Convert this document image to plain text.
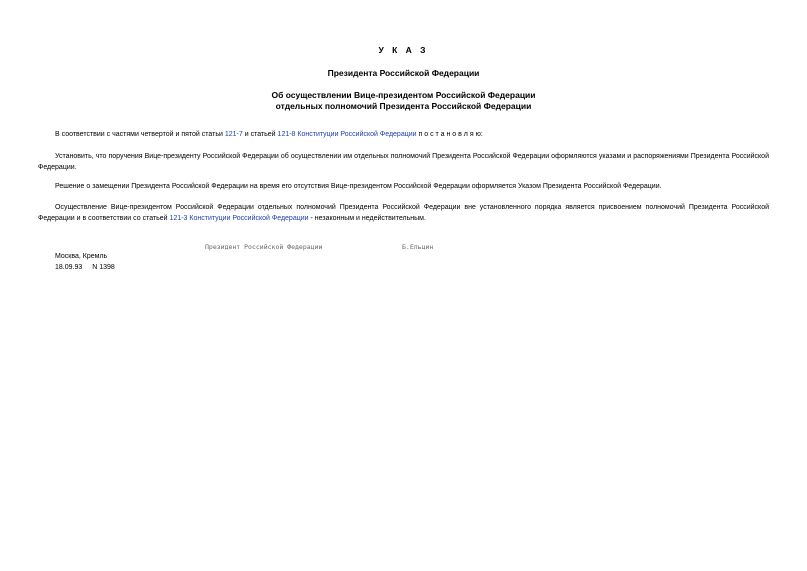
У К А З
Президента Российской Федерации
Об осуществлении Вице-президентом Российской Федерации
отдельных полномочий Президента Российской Федерации
В соответствии с частями четвертой и пятой статьи 121-7 и статьей 121-8 Конституции Российской Федерации п о с т а н о в л я ю:
Установить, что поручения Вице-президенту Российской Федерации об осуществлении им отдельных полномочий Президента Российской Федерации оформляются указами и распоряжениями Президента Российской Федерации.
Решение о замещении Президента Российской Федерации на время его отсутствия Вице-президентом Российской Федерации оформляется Указом Президента Российской Федерации.
Осуществление Вице-президентом Российской Федерации отдельных полномочий Президента Российской Федерации вне установленного порядка является присвоением полномочий Президента Российской Федерации и в соответствии со статьей 121-3 Конституции Российской Федерации - незаконным и недействительным.
Президент Российской Федерации	Б.Ельцин
Москва, Кремль
18.09.93 N 1398
